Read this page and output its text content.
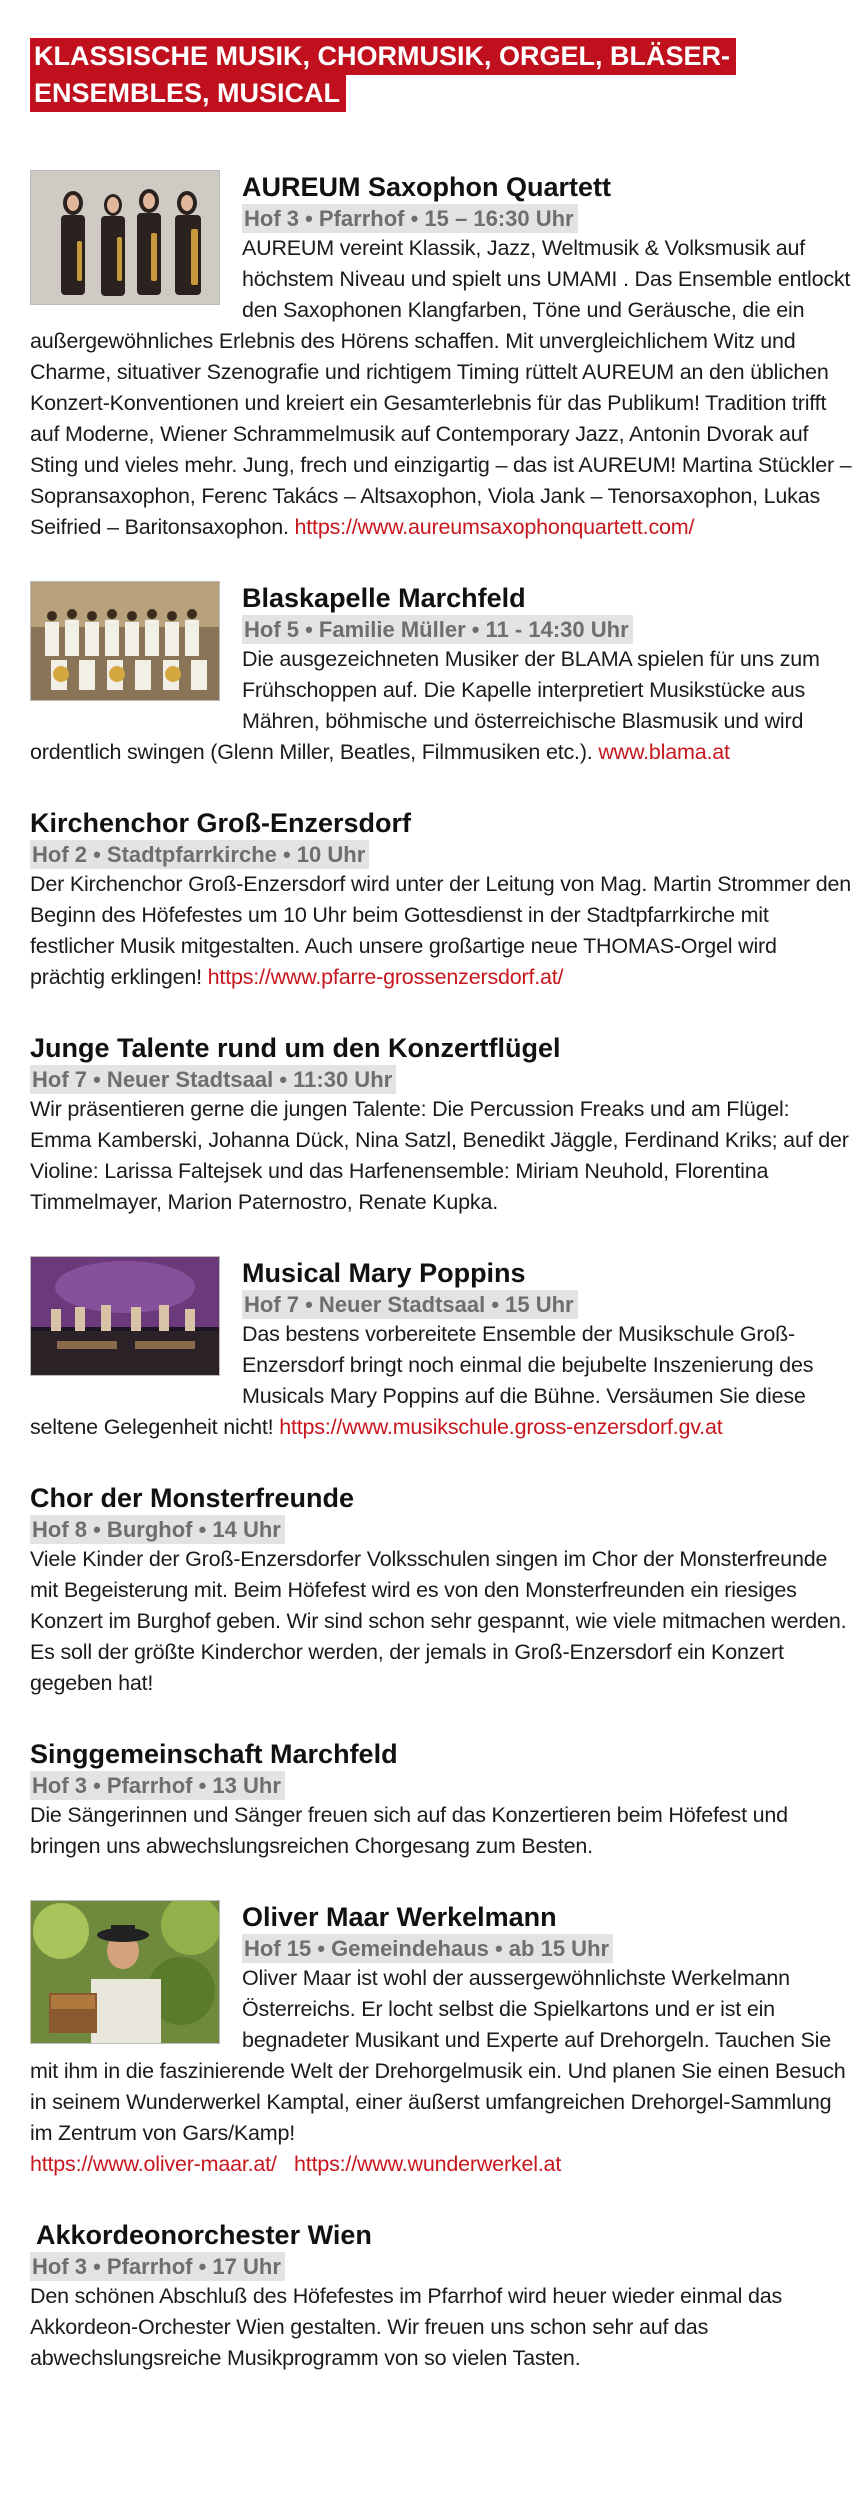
KLASSISCHE MUSIK, CHORMUSIK, ORGEL, BLÄSER-
ENSEMBLES, MUSICAL
AUREUM Saxophon Quartett
Hof 3 • Pfarrhof • 15 – 16:30 Uhr
AUREUM vereint Klassik, Jazz, Weltmusik & Volksmusik auf höchstem Niveau und spielt uns UMAMI . Das Ensemble entlockt den Saxophonen Klangfarben, Töne und Geräusche, die ein außergewöhnliches Erlebnis des Hörens schaffen. Mit unvergleichlichem Witz und Charme, situativer Szenografie und richtigem Timing rüttelt AUREUM an den üblichen Konzert-Konventionen und kreiert ein Gesamterlebnis für das Publikum! Tradition trifft auf Moderne, Wiener Schrammelmusik auf Contemporary Jazz, Antonin Dvorak auf Sting und vieles mehr. Jung, frech und einzigartig – das ist AUREUM! Martina Stückler – Sopransaxophon, Ferenc Takács – Altsaxophon, Viola Jank – Tenorsaxophon, Lukas Seifried – Baritonsaxophon. https://www.aureumsaxophonquartett.com/
Blaskapelle Marchfeld
Hof 5 • Familie Müller • 11 - 14:30 Uhr
Die ausgezeichneten Musiker der BLAMA spielen für uns zum Frühschoppen auf. Die Kapelle interpretiert Musikstücke aus Mähren, böhmische und österreichische Blasmusik und wird ordentlich swingen (Glenn Miller, Beatles, Filmmusiken etc.). www.blama.at
Kirchenchor Groß-Enzersdorf
Hof 2 • Stadtpfarrkirche • 10 Uhr
Der Kirchenchor Groß-Enzersdorf wird unter der Leitung von Mag. Martin Strommer den Beginn des Höfefestes um 10 Uhr beim Gottesdienst in der Stadtpfarrkirche mit festlicher Musik mitgestalten. Auch unsere großartige neue THOMAS-Orgel wird prächtig erklingen! https://www.pfarre-grossenzersdorf.at/
Junge Talente rund um den Konzertflügel
Hof 7 • Neuer Stadtsaal • 11:30 Uhr
Wir präsentieren gerne die jungen Talente: Die Percussion Freaks und am Flügel: Emma Kamberski, Johanna Dück, Nina Satzl, Benedikt Jäggle, Ferdinand Kriks; auf der Violine: Larissa Faltejsek und das Harfenensemble: Miriam Neuhold, Florentina Timmelmayer, Marion Paternostro, Renate Kupka.
Musical Mary Poppins
Hof 7 • Neuer Stadtsaal • 15 Uhr
Das bestens vorbereitete Ensemble der Musikschule Groß-Enzersdorf bringt noch einmal die bejubelte Inszenierung des Musicals Mary Poppins auf die Bühne. Versäumen Sie diese seltene Gelegenheit nicht! https://www.musikschule.gross-enzersdorf.gv.at
Chor der Monsterfreunde
Hof 8 • Burghof • 14 Uhr
Viele Kinder der Groß-Enzersdorfer Volksschulen singen im Chor der Monsterfreunde mit Begeisterung mit. Beim Höfefest wird es von den Monsterfreunden ein riesiges Konzert im Burghof geben. Wir sind schon sehr gespannt, wie viele mitmachen werden. Es soll der größte Kinderchor werden, der jemals in Groß-Enzersdorf ein Konzert gegeben hat!
Singgemeinschaft Marchfeld
Hof 3 • Pfarrhof • 13 Uhr
Die Sängerinnen und Sänger freuen sich auf das Konzertieren beim Höfefest und bringen uns abwechslungsreichen Chorgesang zum Besten.
Oliver Maar Werkelmann
Hof 15 • Gemeindehaus • ab 15 Uhr
Oliver Maar ist wohl der aussergewöhnlichste Werkelmann Österreichs. Er locht selbst die Spielkartons und er ist ein begnadeter Musikant und Experte auf Drehorgeln. Tauchen Sie mit ihm in die faszinierende Welt der Drehorgelmusik ein. Und planen Sie einen Besuch in seinem Wunderwerkel Kamptal, einer äußerst umfangreichen Drehorgel-Sammlung im Zentrum von Gars/Kamp!
https://www.oliver-maar.at/ https://www.wunderwerkel.at
Akkordeonorchester Wien
Hof 3 • Pfarrhof • 17 Uhr
Den schönen Abschluß des Höfefestes im Pfarrhof wird heuer wieder einmal das Akkordeon-Orchester Wien gestalten. Wir freuen uns schon sehr auf das abwechslungsreiche Musikprogramm von so vielen Tasten.
